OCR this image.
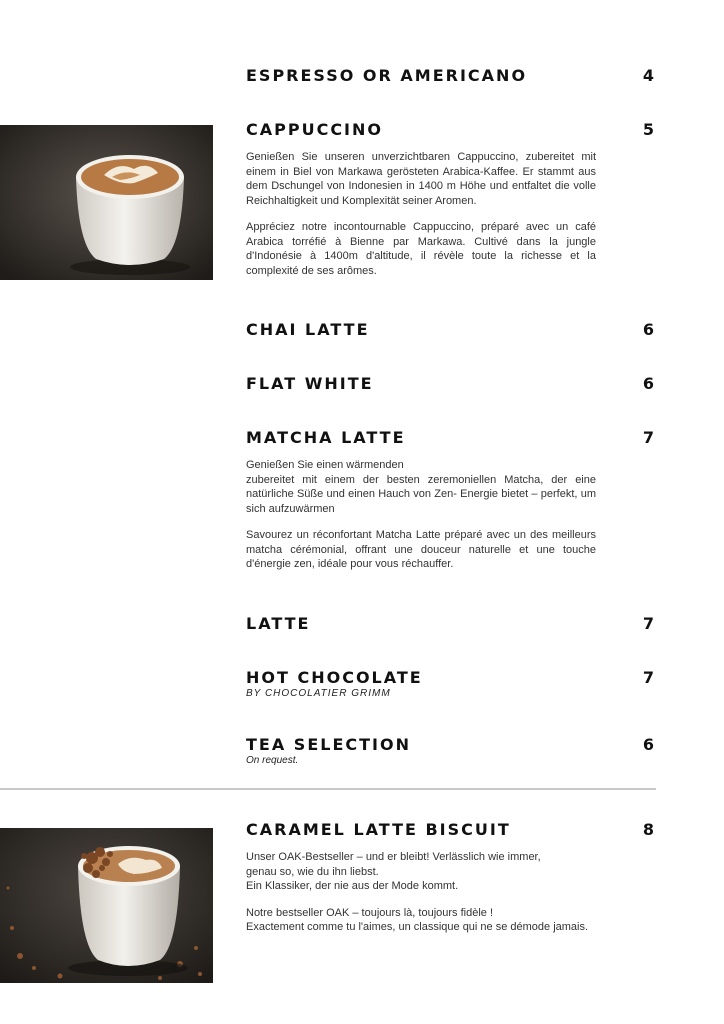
ESPRESSO OR AMERICANO	4
CAPPUCCINO	5

Genießen Sie unseren unverzichtbaren Cappuccino, zubereitet mit einem in Biel von Markawa gerösteten Arabica-Kaffee. Er stammt aus dem Dschungel von Indonesien in 1400 m Höhe und entfaltet die volle Reichhaltigkeit und Komplexität seiner Aromen.

Appréciez notre incontournable Cappuccino, préparé avec un café Arabica torréfié à Bienne par Markawa. Cultivé dans la jungle d'Indonésie à 1400m d'altitude, il révèle toute la richesse et la complexité de ses arômes.

CHAI LATTE	6
FLAT WHITE	6
MATCHA LATTE	7

Genießen Sie einen wärmenden

zubereitet mit einem der besten zeremoniellen Matcha, der eine natürliche Süße und einen Hauch von Zen- Energie bietet – perfekt, um sich aufzuwärmen

Savourez un réconfortant Matcha Latte préparé avec un des meilleurs matcha cérémonial, offrant une douceur naturelle et une touche d'énergie zen, idéale pour vous réchauffer.

LATTE	7
HOT CHOCOLATE	7
BY CHOCOLATIER GRIMM
TEA SELECTION	6
On request.
CARAMEL LATTE BISCUIT	8
Unser OAK-Bestseller – und er bleibt! Verlässlich wie immer,
genau so, wie du ihn liebst.
Ein Klassiker, der nie aus der Mode kommt.
Notre bestseller OAK – toujours là, toujours fidèle !
Exactement comme tu l'aimes, un classique qui ne se démode jamais.
